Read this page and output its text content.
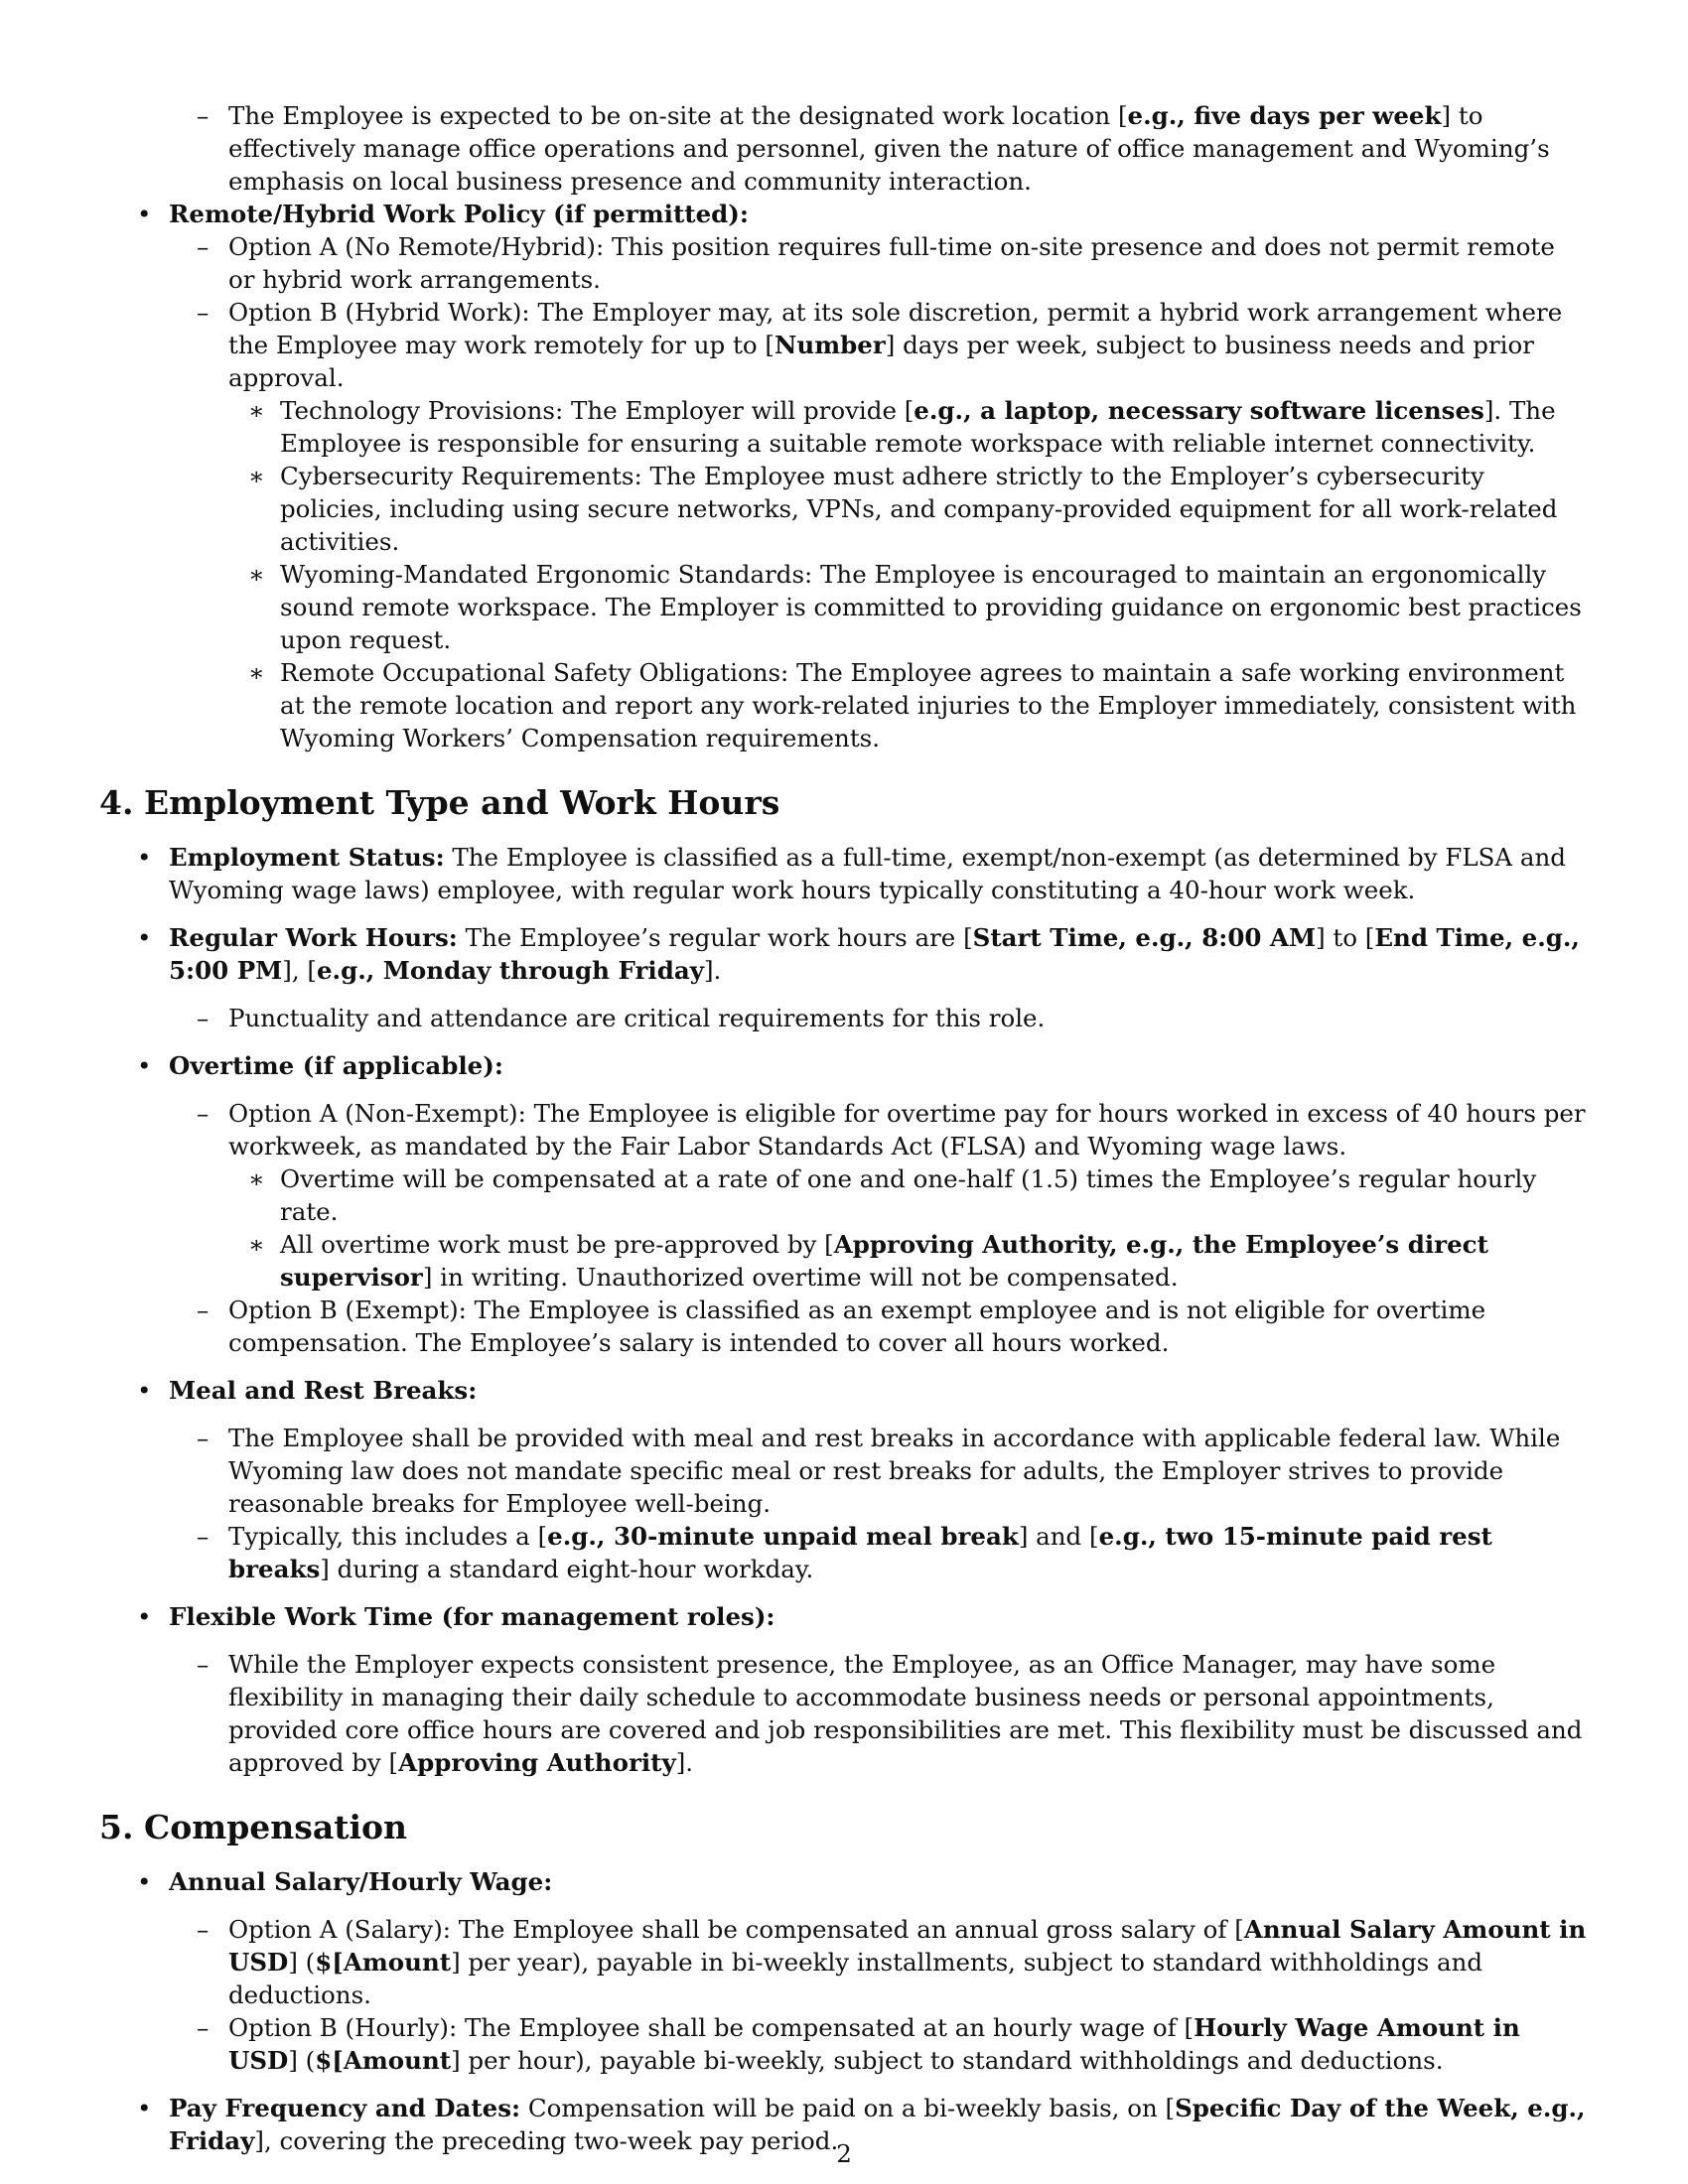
– The Employee is expected to be on-site at the designated work location [e.g., five days per week] to effectively manage office operations and personnel, given the nature of office management and Wyoming’s emphasis on local business presence and community interaction.
• Remote/Hybrid Work Policy (if permitted):
– Option A (No Remote/Hybrid): This position requires full-time on-site presence and does not permit remote or hybrid work arrangements.
– Option B (Hybrid Work): The Employer may, at its sole discretion, permit a hybrid work arrangement where the Employee may work remotely for up to [Number] days per week, subject to business needs and prior approval.
∗ Technology Provisions: The Employer will provide [e.g., a laptop, necessary software licenses]. The Employee is responsible for ensuring a suitable remote workspace with reliable internet connectivity.
∗ Cybersecurity Requirements: The Employee must adhere strictly to the Employer’s cybersecurity policies, including using secure networks, VPNs, and company-provided equipment for all work-related activities.
∗ Wyoming-Mandated Ergonomic Standards: The Employee is encouraged to maintain an ergonomically sound remote workspace. The Employer is committed to providing guidance on ergonomic best practices upon request.
∗ Remote Occupational Safety Obligations: The Employee agrees to maintain a safe working environment at the remote location and report any work-related injuries to the Employer immediately, consistent with Wyoming Workers’ Compensation requirements.
4. Employment Type and Work Hours
• Employment Status: The Employee is classified as a full-time, exempt/non-exempt (as determined by FLSA and Wyoming wage laws) employee, with regular work hours typically constituting a 40-hour work week.
• Regular Work Hours: The Employee’s regular work hours are [Start Time, e.g., 8:00 AM] to [End Time, e.g., 5:00 PM], [e.g., Monday through Friday].
– Punctuality and attendance are critical requirements for this role.
• Overtime (if applicable):
– Option A (Non-Exempt): The Employee is eligible for overtime pay for hours worked in excess of 40 hours per workweek, as mandated by the Fair Labor Standards Act (FLSA) and Wyoming wage laws.
∗ Overtime will be compensated at a rate of one and one-half (1.5) times the Employee’s regular hourly rate.
∗ All overtime work must be pre-approved by [Approving Authority, e.g., the Employee’s direct supervisor] in writing. Unauthorized overtime will not be compensated.
– Option B (Exempt): The Employee is classified as an exempt employee and is not eligible for overtime compensation. The Employee’s salary is intended to cover all hours worked.
• Meal and Rest Breaks:
– The Employee shall be provided with meal and rest breaks in accordance with applicable federal law. While Wyoming law does not mandate specific meal or rest breaks for adults, the Employer strives to provide reasonable breaks for Employee well-being.
– Typically, this includes a [e.g., 30-minute unpaid meal break] and [e.g., two 15-minute paid rest breaks] during a standard eight-hour workday.
• Flexible Work Time (for management roles):
– While the Employer expects consistent presence, the Employee, as an Office Manager, may have some flexibility in managing their daily schedule to accommodate business needs or personal appointments, provided core office hours are covered and job responsibilities are met. This flexibility must be discussed and approved by [Approving Authority].
5. Compensation
• Annual Salary/Hourly Wage:
– Option A (Salary): The Employee shall be compensated an annual gross salary of [Annual Salary Amount in USD] ($[Amount] per year), payable in bi-weekly installments, subject to standard withholdings and deductions.
– Option B (Hourly): The Employee shall be compensated at an hourly wage of [Hourly Wage Amount in USD] ($[Amount] per hour), payable bi-weekly, subject to standard withholdings and deductions.
• Pay Frequency and Dates: Compensation will be paid on a bi-weekly basis, on [Specific Day of the Week, e.g., Friday], covering the preceding two-week pay period.
2
